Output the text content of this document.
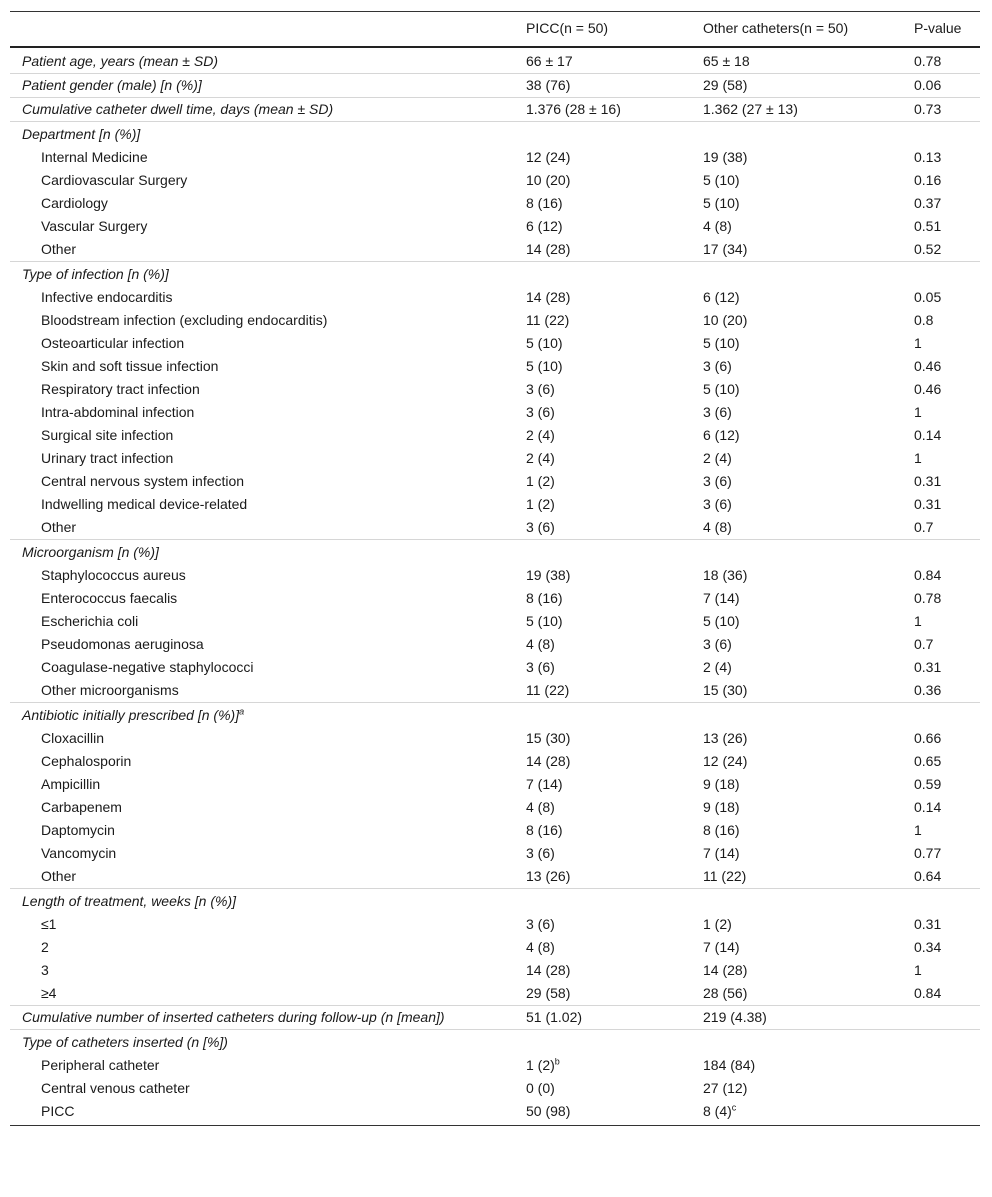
	PICC(n = 50)	Other catheters(n = 50)	P-value
Patient age, years (mean ± SD)	66 ± 17	65 ± 18	0.78
Patient gender (male) [n (%)]	38 (76)	29 (58)	0.06
Cumulative catheter dwell time, days (mean ± SD)	1.376 (28 ± 16)	1.362 (27 ± 13)	0.73
Department [n (%)]			
Internal Medicine	12 (24)	19 (38)	0.13
Cardiovascular Surgery	10 (20)	5 (10)	0.16
Cardiology	8 (16)	5 (10)	0.37
Vascular Surgery	6 (12)	4 (8)	0.51
Other	14 (28)	17 (34)	0.52
Type of infection [n (%)]			
Infective endocarditis	14 (28)	6 (12)	0.05
Bloodstream infection (excluding endocarditis)	11 (22)	10 (20)	0.8
Osteoarticular infection	5 (10)	5 (10)	1
Skin and soft tissue infection	5 (10)	3 (6)	0.46
Respiratory tract infection	3 (6)	5 (10)	0.46
Intra-abdominal infection	3 (6)	3 (6)	1
Surgical site infection	2 (4)	6 (12)	0.14
Urinary tract infection	2 (4)	2 (4)	1
Central nervous system infection	1 (2)	3 (6)	0.31
Indwelling medical device-related	1 (2)	3 (6)	0.31
Other	3 (6)	4 (8)	0.7
Microorganism [n (%)]			
Staphylococcus aureus	19 (38)	18 (36)	0.84
Enterococcus faecalis	8 (16)	7 (14)	0.78
Escherichia coli	5 (10)	5 (10)	1
Pseudomonas aeruginosa	4 (8)	3 (6)	0.7
Coagulase-negative staphylococci	3 (6)	2 (4)	0.31
Other microorganisms	11 (22)	15 (30)	0.36
Antibiotic initially prescribed [n (%)]$^a$			
Cloxacillin	15 (30)	13 (26)	0.66
Cephalosporin	14 (28)	12 (24)	0.65
Ampicillin	7 (14)	9 (18)	0.59
Carbapenem	4 (8)	9 (18)	0.14
Daptomycin	8 (16)	8 (16)	1
Vancomycin	3 (6)	7 (14)	0.77
Other	13 (26)	11 (22)	0.64
Length of treatment, weeks [n (%)]			
≤1	3 (6)	1 (2)	0.31
2	4 (8)	7 (14)	0.34
3	14 (28)	14 (28)	1
≥4	29 (58)	28 (56)	0.84
Cumulative number of inserted catheters during follow-up (n [mean])	51 (1.02)	219 (4.38)	
Type of catheters inserted (n [%])			
Peripheral catheter	1 $(2)^b$	184 (84)	
Central venous catheter	0 (0)	27 (12)	
PICC	50 (98)	8 $(4)^c$	
